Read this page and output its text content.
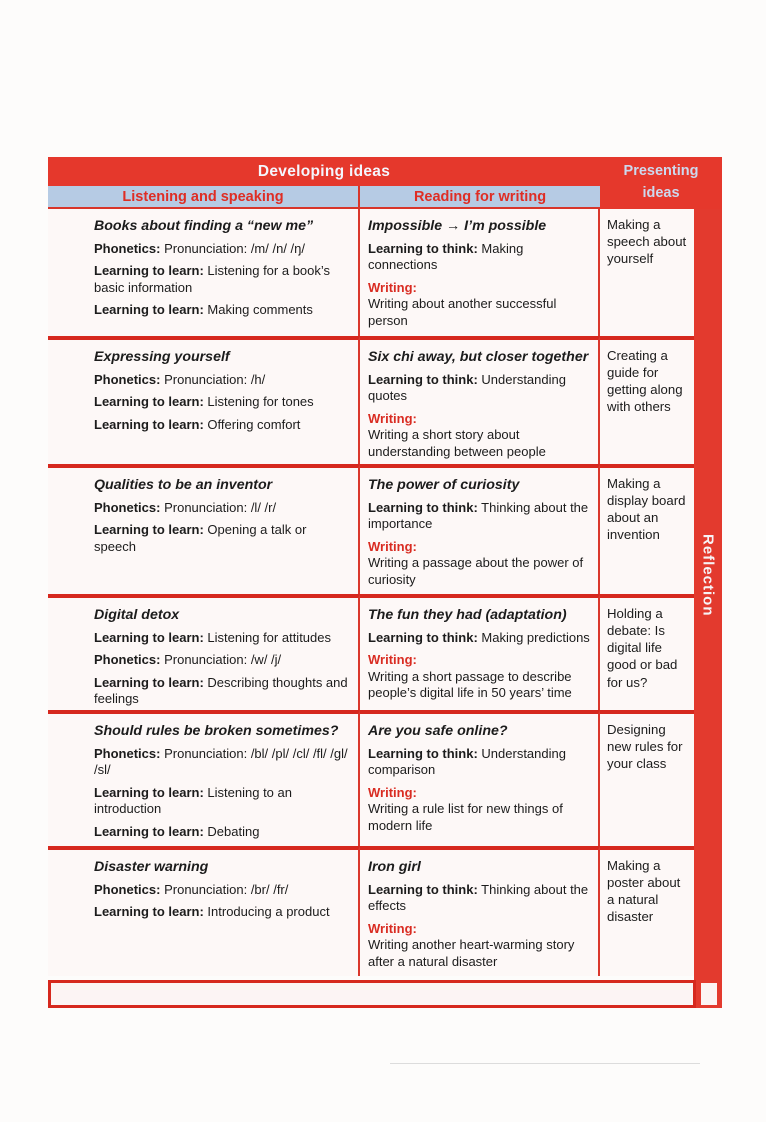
Reflection
Developing ideas
Listening and speaking	Reading for writing
Presenting
ideas
Books about finding a “new me”
Phonetics: Pronunciation: /m/ /n/ /ŋ/
Learning to learn: Listening for a book’s basic information
Learning to learn: Making comments
Impossible → I’m possible
Learning to think: Making connections
Writing:
Writing about another successful person
Making a speech about yourself
Expressing yourself
Phonetics: Pronunciation: /h/
Learning to learn: Listening for tones
Learning to learn: Offering comfort
Six chi away, but closer together
Learning to think: Understanding quotes
Writing:
Writing a short story about understanding between people
Creating a guide for getting along with others
Qualities to be an inventor
Phonetics: Pronunciation: /l/ /r/
Learning to learn: Opening a talk or speech
The power of curiosity
Learning to think: Thinking about the importance
Writing:
Writing a passage about the power of curiosity
Making a display board about an invention
Digital detox
Learning to learn: Listening for attitudes
Phonetics: Pronunciation: /w/ /j/
Learning to learn: Describing thoughts and feelings
The fun they had (adaptation)
Learning to think: Making predictions
Writing:
Writing a short passage to describe people’s digital life in 50 years’ time
Holding a debate: Is digital life good or bad for us?
Should rules be broken sometimes?
Phonetics: Pronunciation: /bl/ /pl/ /cl/ /fl/ /gl/ /sl/
Learning to learn: Listening to an introduction
Learning to learn: Debating
Are you safe online?
Learning to think: Understanding comparison
Writing:
Writing a rule list for new things of modern life
Designing new rules for your class
Disaster warning
Phonetics: Pronunciation: /br/ /fr/
Learning to learn: Introducing a product
Iron girl
Learning to think: Thinking about the effects
Writing:
Writing another heart-warming story after a natural disaster
Making a poster about a natural disaster
